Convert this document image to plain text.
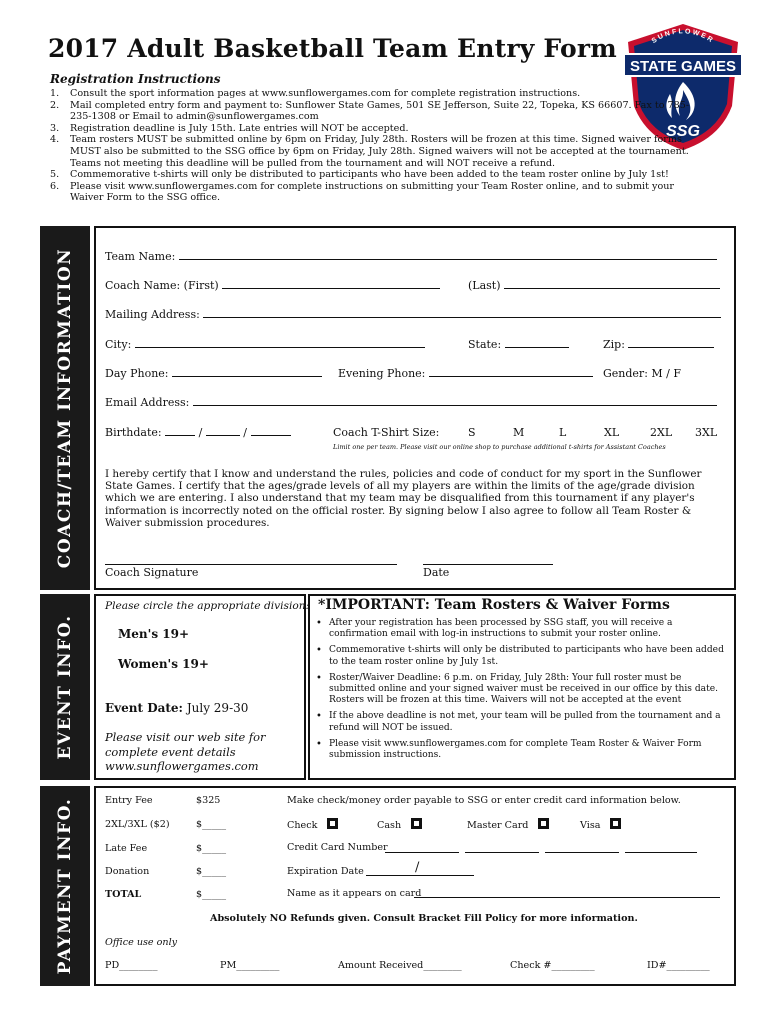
2017 Adult Basketball Team Entry Form	SUNFLOWER
STATE GAMES
SSG
Registration Instructions
1. Consult the sport information pages at www.sunflowergames.com for complete registration instructions.
2. Mail completed entry form and payment to: Sunflower State Games, 501 SE Jefferson, Suite 22, Topeka, KS 66607. Fax to 785-235-1308 or Email to admin@sunflowergames.com
3. Registration deadline is July 15th. Late entries will NOT be accepted.
4. Team rosters MUST be submitted online by 6pm on Friday, July 28th. Rosters will be frozen at this time. Signed waiver forms MUST also be submitted to the SSG office by 6pm on Friday, July 28th. Signed waivers will not be accepted at the tournament. Teams not meeting this deadline will be pulled from the tournament and will NOT receive a refund.
5. Commemorative t-shirts will only be distributed to participants who have been added to the team roster online by July 1st!
6. Please visit www.sunflowergames.com for complete instructions on submitting your Team Roster online, and to submit your Waiver Form to the SSG office.
COACH/TEAM INFORMATION
EVENT INFO.
PAYMENT INFO.
Team Name:
Coach Name: (First)	(Last)
Mailing Address:
City:	State:	Zip:
Day Phone:	Evening Phone:	Gender: M / F
Email Address:
Birthdate:	/	/	Coach T-Shirt Size:	S	M	L	XL	2XL 3XL
Limit one per team. Please visit our online shop to purchase additional t-shirts for Assistant Coaches
I hereby certify that I know and understand the rules, policies and code of conduct for my sport in the Sunflower State Games. I certify that the ages/grade levels of all my players are within the limits of the age/grade division which we are entering. I also understand that my team may be disqualified from this tournament if any player's information is incorrectly noted on the official roster. By signing below I also agree to follow all Team Roster & Waiver submission procedures.
Coach Signature	Date
Please circle the appropriate division:
Men's 19+
Women's 19+
Event Date: July 29-30
Please visit our web site for
complete event details
www.sunflowergames.com
*IMPORTANT: Team Rosters & Waiver Forms
• After your registration has been processed by SSG staff, you will receive a confirmation email with log-in instructions to submit your roster online.
• Commemorative t-shirts will only be distributed to participants who have been added to the team roster online by July 1st.
• Roster/Waiver Deadline: 6 p.m. on Friday, July 28th: Your full roster must be submitted online and your signed waiver must be received in our office by this date. Rosters will be frozen at this time. Waivers will not be accepted at the event
• If the above deadline is not met, your team will be pulled from the tournament and a refund will NOT be issued.
• Please visit www.sunflowergames.com for complete Team Roster & Waiver Form submission instructions.
Entry Fee	$325
2XL/3XL ($2)	$_____
Late Fee	$_____
Donation	$_____
TOTAL	$_____
Make check/money order payable to SSG or enter credit card information below.
Check	Cash	Master Card	Visa
Credit Card Number
Expiration Date	/
Name as it appears on card
Absolutely NO Refunds given. Consult Bracket Fill Policy for more information.
Office use only
PD________	PM_________	Amount Received________	Check #_________	ID#_________
